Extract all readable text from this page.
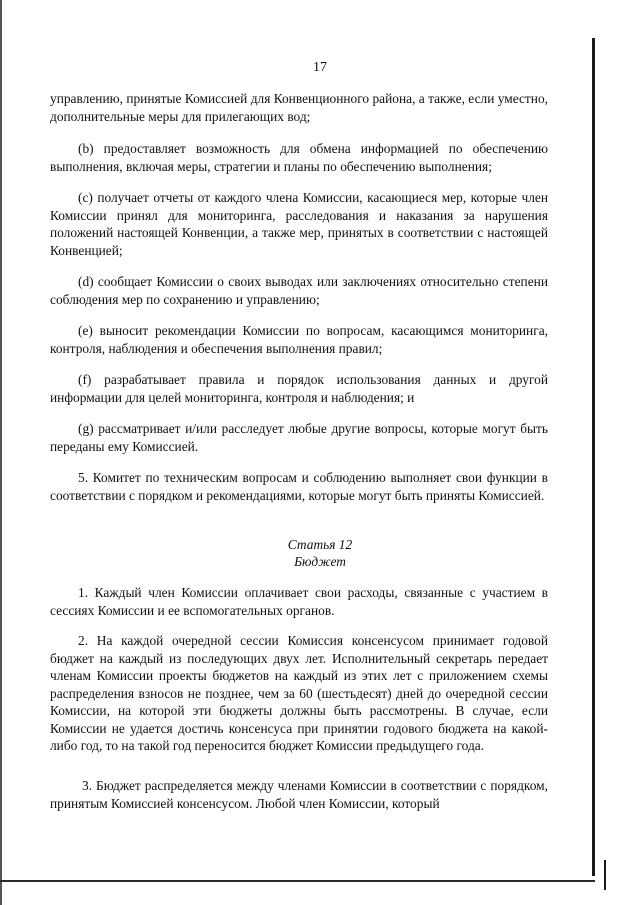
17

управлению, принятые Комиссией для Конвенционного района, а также, если уместно, дополнительные меры для прилегающих вод;

(b) предоставляет возможность для обмена информацией по обеспечению выполнения, включая меры, стратегии и планы по обеспечению выполнения;

(c) получает отчеты от каждого члена Комиссии, касающиеся мер, которые член Комиссии принял для мониторинга, расследования и наказания за нарушения положений настоящей Конвенции, а также мер, принятых в соответствии с настоящей Конвенцией;

(d) сообщает Комиссии о своих выводах или заключениях относительно степени соблюдения мер по сохранению и управлению;

(e) выносит рекомендации Комиссии по вопросам, касающимся мониторинга, контроля, наблюдения и обеспечения выполнения правил;

(f) разрабатывает правила и порядок использования данных и другой информации для целей мониторинга, контроля и наблюдения; и

(g) рассматривает и/или расследует любые другие вопросы, которые могут быть переданы ему Комиссией.

5. Комитет по техническим вопросам и соблюдению выполняет свои функции в соответствии с порядком и рекомендациями, которые могут быть приняты Комиссией.

Статья 12

Бюджет

1. Каждый член Комиссии оплачивает свои расходы, связанные с участием в сессиях Комиссии и ее вспомогательных органов.

2. На каждой очередной сессии Комиссия консенсусом принимает годовой бюджет на каждый из последующих двух лет. Исполнительный секретарь передает членам Комиссии проекты бюджетов на каждый из этих лет с приложением схемы распределения взносов не позднее, чем за 60 (шестьдесят) дней до очередной сессии Комиссии, на которой эти бюджеты должны быть рассмотрены. В случае, если Комиссии не удается достичь консенсуса при принятии годового бюджета на какой-либо год, то на такой год переносится бюджет Комиссии предыдущего года.

3. Бюджет распределяется между членами Комиссии в соответствии с порядком, принятым Комиссией консенсусом. Любой член Комиссии, который
